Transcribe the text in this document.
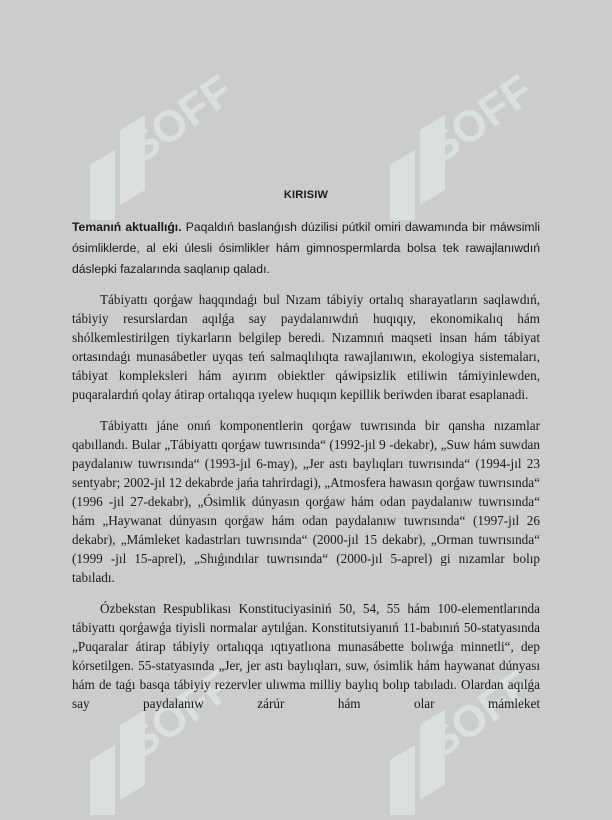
SOFF	SOFF
SOFF	SOFF
KIRISIW

Temanıń aktuallıǵı. Paqaldıń baslanǵısh dúzilisi pútkil omiri dawamında bir máwsimli ósimliklerde, al eki úlesli ósimlikler hám gimnospermlarda bolsa tek rawajlanıwdıń dáslepki fazalarında saqlanıp qaladı.

Tábiyattı qorǵaw haqqındaǵı bul Nızam tábiyiy ortalıq sharayatların saqlawdıń, tábiyiy resurslardan aqılǵa say paydalanıwdıń huqıqıy, ekonomikalıq hám shólkemlestirilgen tiykarların belgilep beredi. Nızamnıń maqseti insan hám tábiyat ortasındaǵı munasábetler uyqas teń salmaqlılıqta rawajlanıwın, ekologiya sistemaları, tábiyat kompleksleri hám ayırım obiektler qáwipsizlik etiliwin támiyinlewden, puqaralardıń qolay átirap ortalıqqa ıyelew huqıqın kepillik beriwden ibarat esaplanadi.

Tábiyattı jáne onıń komponentlerin qorǵaw tuwrısında bir qansha nızamlar qabıllandı. Bular „Tábiyattı qorǵaw tuwrısında“ (1992-jıl 9 -dekabr), „Suw hám suwdan paydalanıw tuwrısında“ (1993-jıl 6-may), „Jer astı baylıqları tuwrısında“ (1994-jıl 23 sentyabr; 2002-jıl 12 dekabrde jańa tahrirdagi), „Atmosfera hawasın qorǵaw tuwrısında“ (1996 -jıl 27-dekabr), „Ósimlik dúnyasın qorǵaw hám odan paydalanıw tuwrısında“ hám „Haywanat dúnyasın qorǵaw hám odan paydalanıw tuwrısında“ (1997-jıl 26 dekabr), „Mámleket kadastrları tuwrısında“ (2000-jıl 15 dekabr), „Orman tuwrısında“ (1999 -jıl 15-aprel), „Shıǵındılar tuwrısında“ (2000-jıl 5-aprel) gi nızamlar bolıp tabıladı.

Ózbekstan Respublikası Konstituciyasiniń 50, 54, 55 hám 100-elementlarında tábiyattı qorǵawǵa tiyisli normalar aytılǵan. Konstitutsiyanıń 11-babınıń 50-statyasında „Puqaralar átirap tábiyiy ortalıqqa ıqtıyatlıona munasábette bolıwǵa minnetli“, dep kórsetilgen. 55-statyasında „Jer, jer astı baylıqları, suw, ósimlik hám haywanat dúnyası hám de taǵı basqa tábiyiy rezervler ulıwma milliy baylıq bolıp tabıladı. Olardan aqılǵa say paydalanıw zárúr hám olar mámleket
